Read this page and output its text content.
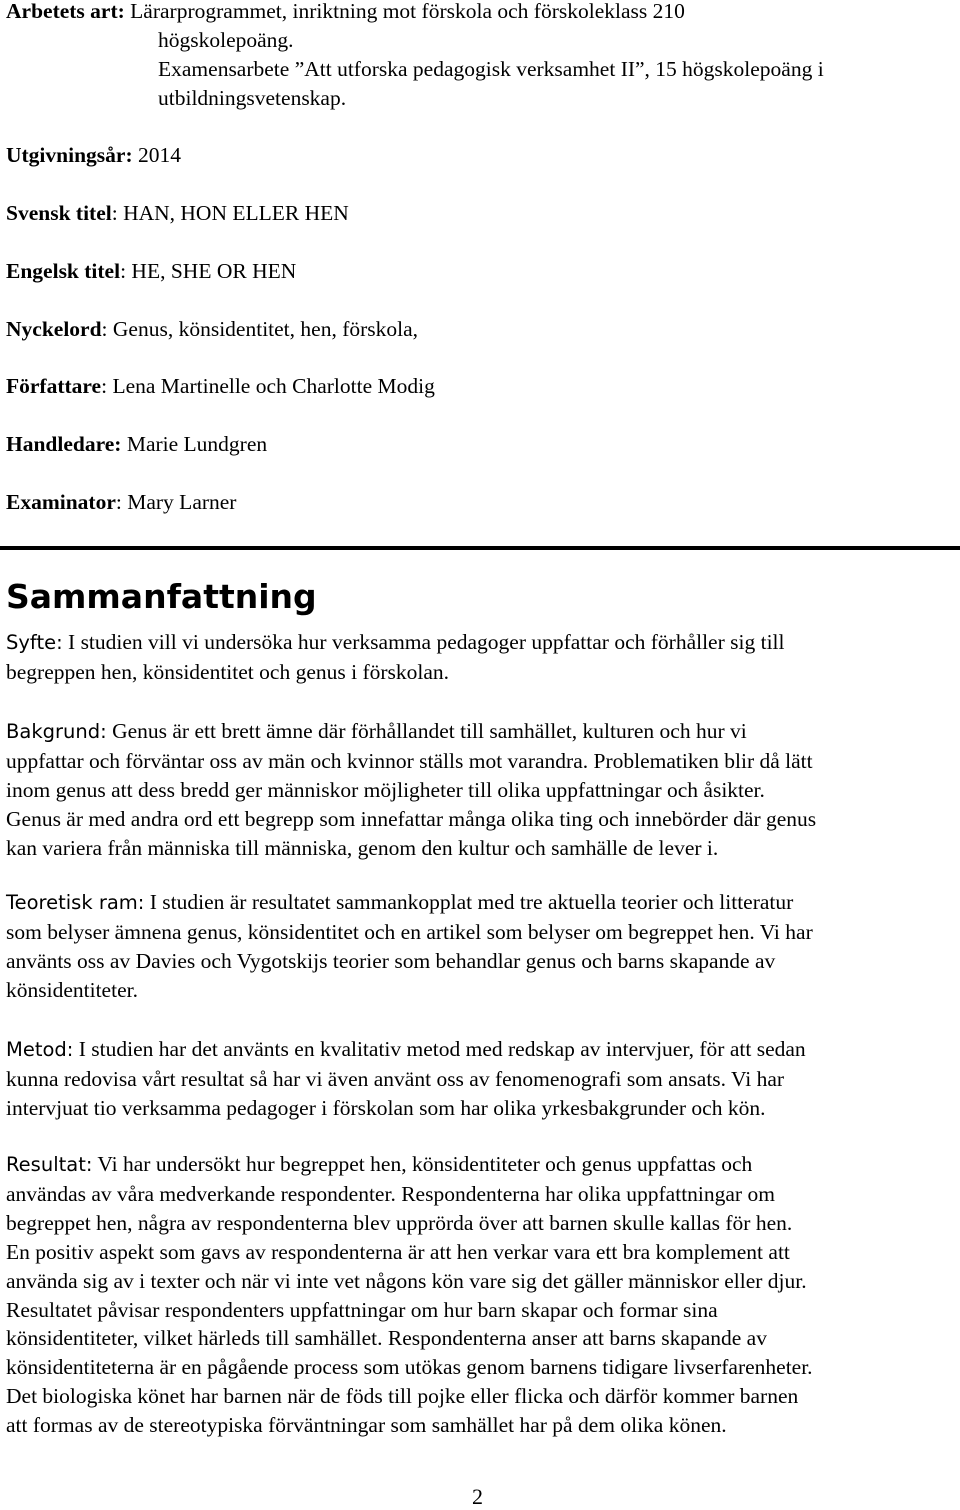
Arbetets art: Lärarprogrammet, inriktning mot förskola och förskoleklass 210
högskolepoäng.
Examensarbete ”Att utforska pedagogisk verksamhet II”, 15 högskolepoäng i
utbildningsvetenskap.
Utgivningsår: 2014
Svensk titel: HAN, HON ELLER HEN
Engelsk titel: HE, SHE OR HEN
Nyckelord: Genus, könsidentitet, hen, förskola,
Författare: Lena Martinelle och Charlotte Modig
Handledare: Marie Lundgren
Examinator: Mary Larner
Sammanfattning
Syfte: I studien vill vi undersöka hur verksamma pedagoger uppfattar och förhåller sig till
begreppen hen, könsidentitet och genus i förskolan.
Bakgrund: Genus är ett brett ämne där förhållandet till samhället, kulturen och hur vi
uppfattar och förväntar oss av män och kvinnor ställs mot varandra. Problematiken blir då lätt
inom genus att dess bredd ger människor möjligheter till olika uppfattningar och åsikter.
Genus är med andra ord ett begrepp som innefattar många olika ting och innebörder där genus
kan variera från människa till människa, genom den kultur och samhälle de lever i.
Teoretisk ram: I studien är resultatet sammankopplat med tre aktuella teorier och litteratur
som belyser ämnena genus, könsidentitet och en artikel som belyser om begreppet hen. Vi har
använts oss av Davies och Vygotskijs teorier som behandlar genus och barns skapande av
könsidentiteter.
Metod: I studien har det använts en kvalitativ metod med redskap av intervjuer, för att sedan
kunna redovisa vårt resultat så har vi även använt oss av fenomenografi som ansats. Vi har
intervjuat tio verksamma pedagoger i förskolan som har olika yrkesbakgrunder och kön.
Resultat: Vi har undersökt hur begreppet hen, könsidentiteter och genus uppfattas och
användas av våra medverkande respondenter. Respondenterna har olika uppfattningar om
begreppet hen, några av respondenterna blev upprörda över att barnen skulle kallas för hen.
En positiv aspekt som gavs av respondenterna är att hen verkar vara ett bra komplement att
använda sig av i texter och när vi inte vet någons kön vare sig det gäller människor eller djur.
Resultatet påvisar respondenters uppfattningar om hur barn skapar och formar sina
könsidentiteter, vilket härleds till samhället. Respondenterna anser att barns skapande av
könsidentiteterna är en pågående process som utökas genom barnens tidigare livserfarenheter.
Det biologiska könet har barnen när de föds till pojke eller flicka och därför kommer barnen
att formas av de stereotypiska förväntningar som samhället har på dem olika könen.
2
